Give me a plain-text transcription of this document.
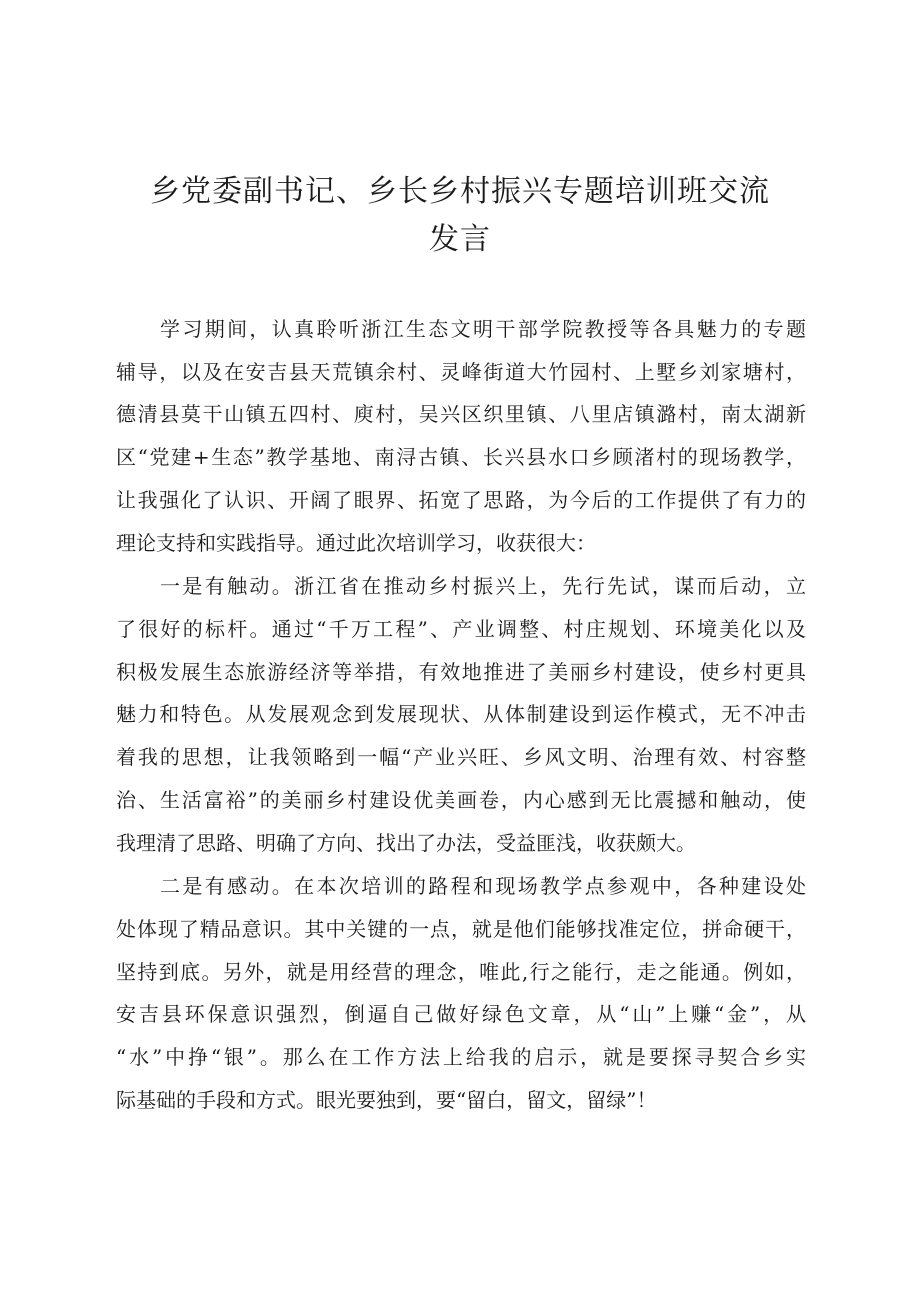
乡党委副书记、乡长乡村振兴专题培训班交流
发言
学习期间，认真聆听浙江生态文明干部学院教授等各具魅力的专题
辅导，以及在安吉县天荒镇余村、灵峰街道大竹园村、上墅乡刘家塘村，
德清县莫干山镇五四村、庾村，吴兴区织里镇、八里店镇潞村，南太湖新
区“党建+生态”教学基地、南浔古镇、长兴县水口乡顾渚村的现场教学，
让我强化了认识、开阔了眼界、拓宽了思路，为今后的工作提供了有力的
理论支持和实践指导。通过此次培训学习，收获很大：
一是有触动。浙江省在推动乡村振兴上，先行先试，谋而后动，立
了很好的标杆。通过“千万工程”、产业调整、村庄规划、环境美化以及
积极发展生态旅游经济等举措，有效地推进了美丽乡村建设，使乡村更具
魅力和特色。从发展观念到发展现状、从体制建设到运作模式，无不冲击
着我的思想，让我领略到一幅“产业兴旺、乡风文明、治理有效、村容整
治、生活富裕”的美丽乡村建设优美画卷，内心感到无比震撼和触动，使
我理清了思路、明确了方向、找出了办法，受益匪浅，收获颇大。
二是有感动。在本次培训的路程和现场教学点参观中，各种建设处
处体现了精品意识。其中关键的一点，就是他们能够找准定位，拼命硬干，
坚持到底。另外，就是用经营的理念，唯此,行之能行，走之能通。例如，
安吉县环保意识强烈，倒逼自己做好绿色文章，从“山”上赚“金”，从
“水”中挣“银”。那么在工作方法上给我的启示，就是要探寻契合乡实
际基础的手段和方式。眼光要独到，要“留白，留文，留绿”！
